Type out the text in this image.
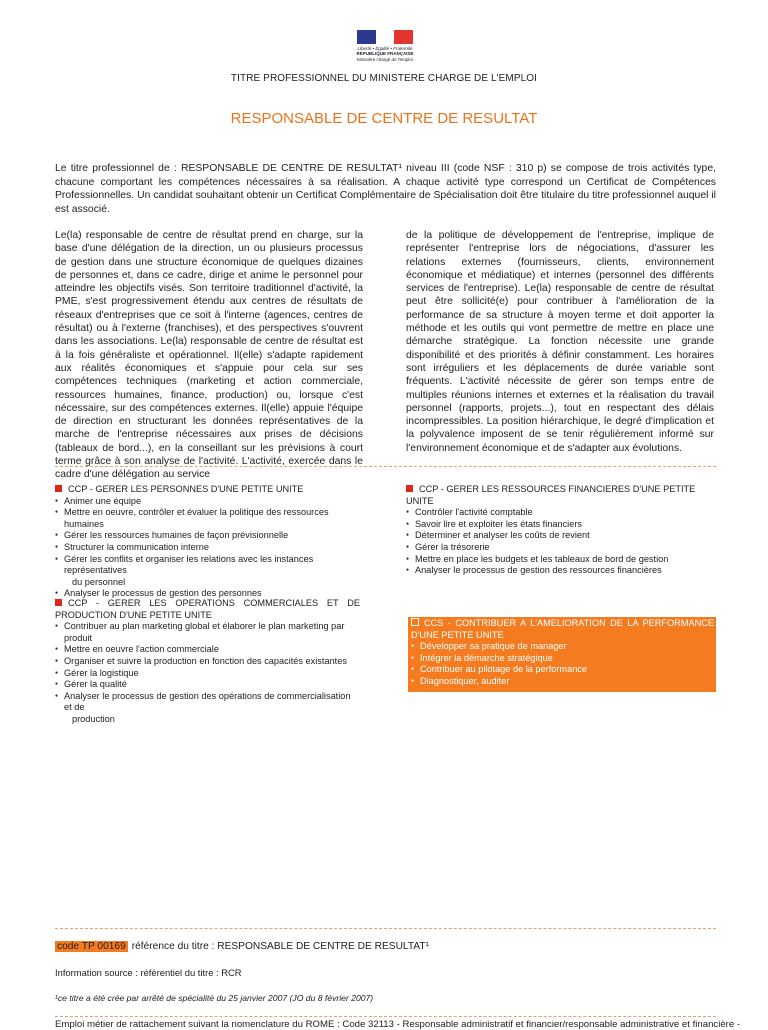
Liberté • Égalité • Fraternité
RÉPUBLIQUE FRANÇAISE
Ministère chargé de l'emploi
TITRE PROFESSIONNEL DU MINISTERE CHARGE DE L'EMPLOI
RESPONSABLE DE CENTRE DE RESULTAT
Le titre professionnel de : RESPONSABLE DE CENTRE DE RESULTAT¹ niveau III (code NSF : 310 p) se compose de trois activités type, chacune comportant les compétences nécessaires à sa réalisation. A chaque activité type correspond un Certificat de Compétences Professionnelles. Un candidat souhaitant obtenir un Certificat Complémentaire de Spécialisation doit être titulaire du titre professionnel auquel il est associé.
Le(la) responsable de centre de résultat prend en charge, sur la base d'une délégation de la direction, un ou plusieurs processus de gestion dans une structure économique de quelques dizaines de personnes et, dans ce cadre, dirige et anime le personnel pour atteindre les objectifs visés. Son territoire traditionnel d'activité, la PME, s'est progressivement étendu aux centres de résultats de réseaux d'entreprises que ce soit à l'interne (agences, centres de résultat) ou à l'externe (franchises), et des perspectives s'ouvrent dans les associations. Le(la) responsable de centre de résultat est à la fois généraliste et opérationnel. Il(elle) s'adapte rapidement aux réalités économiques et s'appuie pour cela sur ses compétences techniques (marketing et action commerciale, ressources humaines, finance, production) ou, lorsque c'est nécessaire, sur des compétences externes. Il(elle) appuie l'équipe de direction en structurant les données représentatives de la marche de l'entreprise nécessaires aux prises de décisions (tableaux de bord...), en la conseillant sur les prévisions à court terme grâce à son analyse de l'activité. L'activité, exercée dans le cadre d'une délégation au service
de la politique de développement de l'entreprise, implique de représenter l'entreprise lors de négociations, d'assurer les relations externes (fournisseurs, clients, environnement économique et médiatique) et internes (personnel des différents services de l'entreprise). Le(la) responsable de centre de résultat peut être sollicité(e) pour contribuer à l'amélioration de la performance de sa structure à moyen terme et doit apporter la méthode et les outils qui vont permettre de mettre en place une démarche stratégique. La fonction nécessite une grande disponibilité et des priorités à définir constamment. Les horaires sont irréguliers et les déplacements de durée variable sont fréquents. L'activité nécessite de gérer son temps entre de multiples réunions internes et externes et la réalisation du travail personnel (rapports, projets...), tout en respectant des délais incompressibles. La position hiérarchique, le degré d'implication et la polyvalence imposent de se tenir régulièrement informé sur l'environnement économique et de s'adapter aux évolutions.
CCP - GERER LES PERSONNES D'UNE PETITE UNITE
● Animer une équipe
● Mettre en oeuvre, contrôler et évaluer la politique des ressources humaines
● Gérer les ressources humaines de façon prévisionnelle
● Structurer la communication interne
● Gérer les conflits et organiser les relations avec les instances représentatives
du personnel
● Analyser le processus de gestion des personnes
CCP - GERER LES OPERATIONS COMMERCIALES ET DE
PRODUCTION D'UNE PETITE UNITE
● Contribuer au plan marketing global et élaborer le plan marketing par produit
● Mettre en oeuvre l'action commerciale
● Organiser et suivre la production en fonction des capacités existantes
● Gérer la logistique
● Gérer la qualité
● Analyser le processus de gestion des opérations de commercialisation et de
production
CCP - GERER LES RESSOURCES FINANCIERES D'UNE PETITE UNITE
● Contrôler l'activité comptable
● Savoir lire et exploiter les états financiers
● Déterminer et analyser les coûts de revient
● Gérer la trésorerie
● Mettre en place les budgets et les tableaux de bord de gestion
● Analyser le processus de gestion des ressources financières
CCS - CONTRIBUER A L'AMELIORATION DE LA PERFORMANCE
D'UNE PETITE UNITE
● Développer sa pratique de manager
● Intégrer la démarche stratégique
● Contribuer au pilotage de la performance
● Diagnostiquer, auditer
code TP 00169 référence du titre : RESPONSABLE DE CENTRE DE RESULTAT¹
Information source : référentiel du titre : RCR
¹ce titre a été crée par arrêté de spécialité du 25 janvier 2007 (JO du 8 février 2007)
Emploi métier de rattachement suivant la nomenclature du ROME : Code 32113 - Responsable administratif et financier/responsable administrative et financière -
